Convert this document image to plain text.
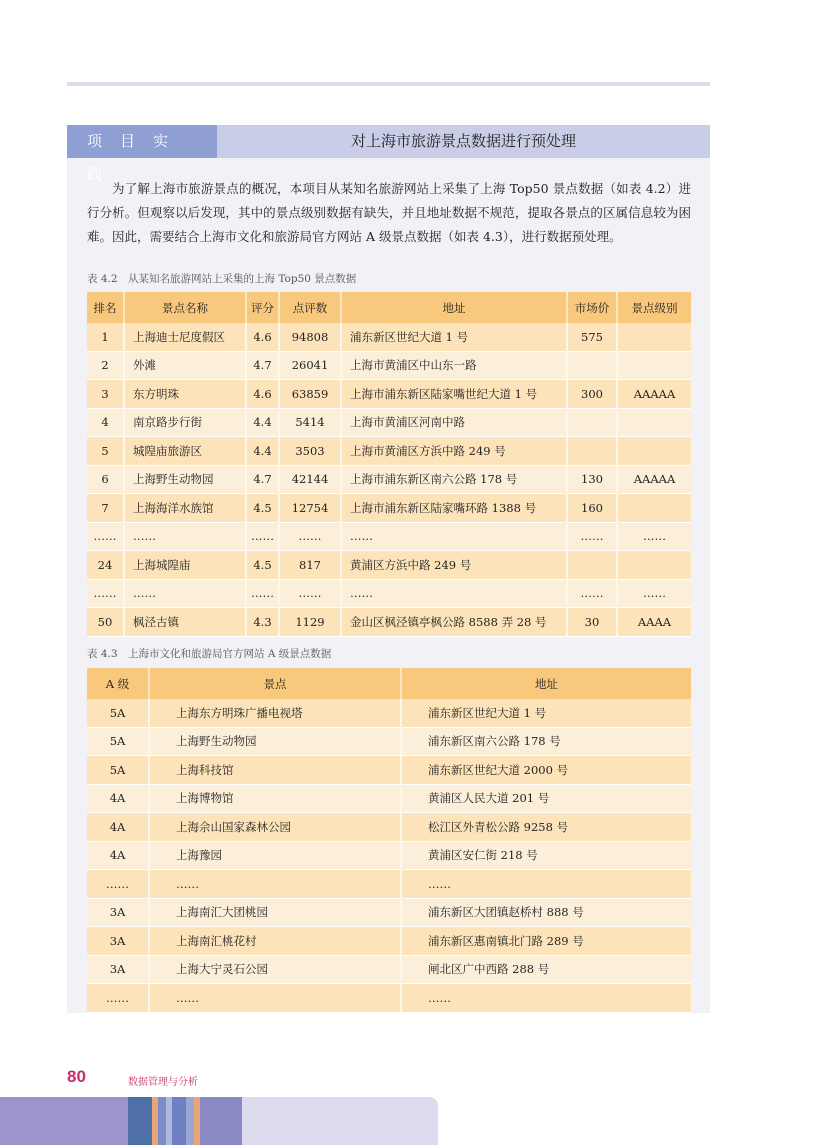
项目实践
对上海市旅游景点数据进行预处理

为了解上海市旅游景点的概况，本项目从某知名旅游网站上采集了上海 Top50 景点数据（如表 4.2）进行分析。但观察以后发现，其中的景点级别数据有缺失，并且地址数据不规范，提取各景点的区属信息较为困难。因此，需要结合上海市文化和旅游局官方网站 A 级景点数据（如表 4.3），进行数据预处理。

表 4.2　从某知名旅游网站上采集的上海 Top50 景点数据
排名	景点名称	评分	点评数	地址	市场价	景点级别
1	上海迪士尼度假区	4.6	94808	浦东新区世纪大道 1 号	575	
2	外滩	4.7	26041	上海市黄浦区中山东一路		
3	东方明珠	4.6	63859	上海市浦东新区陆家嘴世纪大道 1 号	300	AAAAA
4	南京路步行街	4.4	5414	上海市黄浦区河南中路		
5	城隍庙旅游区	4.4	3503	上海市黄浦区方浜中路 249 号		
6	上海野生动物园	4.7	42144	上海市浦东新区南六公路 178 号	130	AAAAA
7	上海海洋水族馆	4.5	12754	上海市浦东新区陆家嘴环路 1388 号	160	
……	……	……	……	……	……	……
24	上海城隍庙	4.5	817	黄浦区方浜中路 249 号		
……	……	……	……	……	……	……
50	枫泾古镇	4.3	1129	金山区枫泾镇亭枫公路 8588 弄 28 号	30	AAAA
表 4.3　上海市文化和旅游局官方网站 A 级景点数据
A 级	景点	地址
5A	上海东方明珠广播电视塔	浦东新区世纪大道 1 号
5A	上海野生动物园	浦东新区南六公路 178 号
5A	上海科技馆	浦东新区世纪大道 2000 号
4A	上海博物馆	黄浦区人民大道 201 号
4A	上海佘山国家森林公园	松江区外青松公路 9258 号
4A	上海豫园	黄浦区安仁街 218 号
……	……	……
3A	上海南汇大团桃园	浦东新区大团镇赵桥村 888 号
3A	上海南汇桃花村	浦东新区惠南镇北门路 289 号
3A	上海大宁灵石公园	闸北区广中西路 288 号
……	……	……
80	数据管理与分析
